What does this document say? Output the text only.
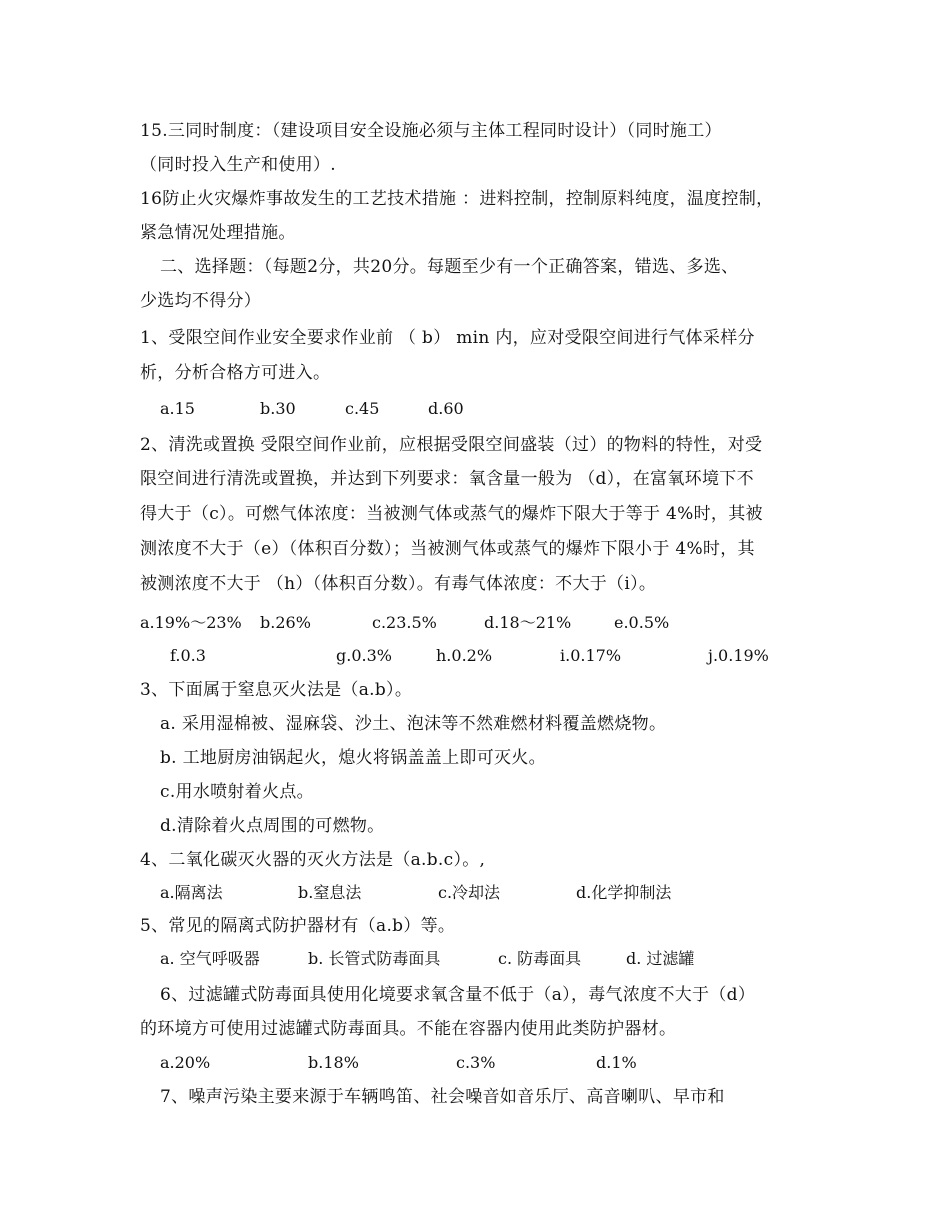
15.三同时制度：（建设项目安全设施必须与主体工程同时设计）（同时施工）
（同时投入生产和使用）.
16防止火灾爆炸事故发生的工艺技术措施 ：进料控制，控制原料纯度，温度控制，
紧急情况处理措施。
二、选择题：（每题2分，共20分。每题至少有一个正确答案，错选、多选、
少选均不得分）
1、受限空间作业安全要求作业前 （ b） min 内，应对受限空间进行气体采样分
析，分析合格方可进入。
a.15	b.30	c.45	d.60
2、清洗或置换 受限空间作业前，应根据受限空间盛装（过）的物料的特性，对受
限空间进行清洗或置换，并达到下列要求：氧含量一般为 （d），在富氧环境下不
得大于（c）。可燃气体浓度：当被测气体或蒸气的爆炸下限大于等于 4%时，其被
测浓度不大于（e）（体积百分数）；当被测气体或蒸气的爆炸下限小于 4%时，其
被测浓度不大于 （h）（体积百分数）。有毒气体浓度：不大于（i）。
a.19%～23% b.26%	c.23.5%	d.18～21%	e.0.5%
f.0.3	g.0.3%	h.0.2%	i.0.17%	j.0.19%
3、下面属于窒息灭火法是（a.b）。
a. 采用湿棉被、湿麻袋、沙土、泡沫等不然难燃材料覆盖燃烧物。
b. 工地厨房油锅起火，熄火将锅盖盖上即可灭火。
c.用水喷射着火点。
d.清除着火点周围的可燃物。
4、二氧化碳灭火器的灭火方法是（a.b.c）。,
a.隔离法	b.窒息法	c.冷却法	d.化学抑制法
5、常见的隔离式防护器材有（a.b）等。
a. 空气呼吸器	b. 长管式防毒面具	c. 防毒面具	d. 过滤罐
6、过滤罐式防毒面具使用化境要求氧含量不低于（a），毒气浓度不大于（d）
的环境方可使用过滤罐式防毒面具。不能在容器内使用此类防护器材。
a.20%	b.18%	c.3%	d.1%
7、噪声污染主要来源于车辆鸣笛、社会噪音如音乐厅、高音喇叭、早市和
